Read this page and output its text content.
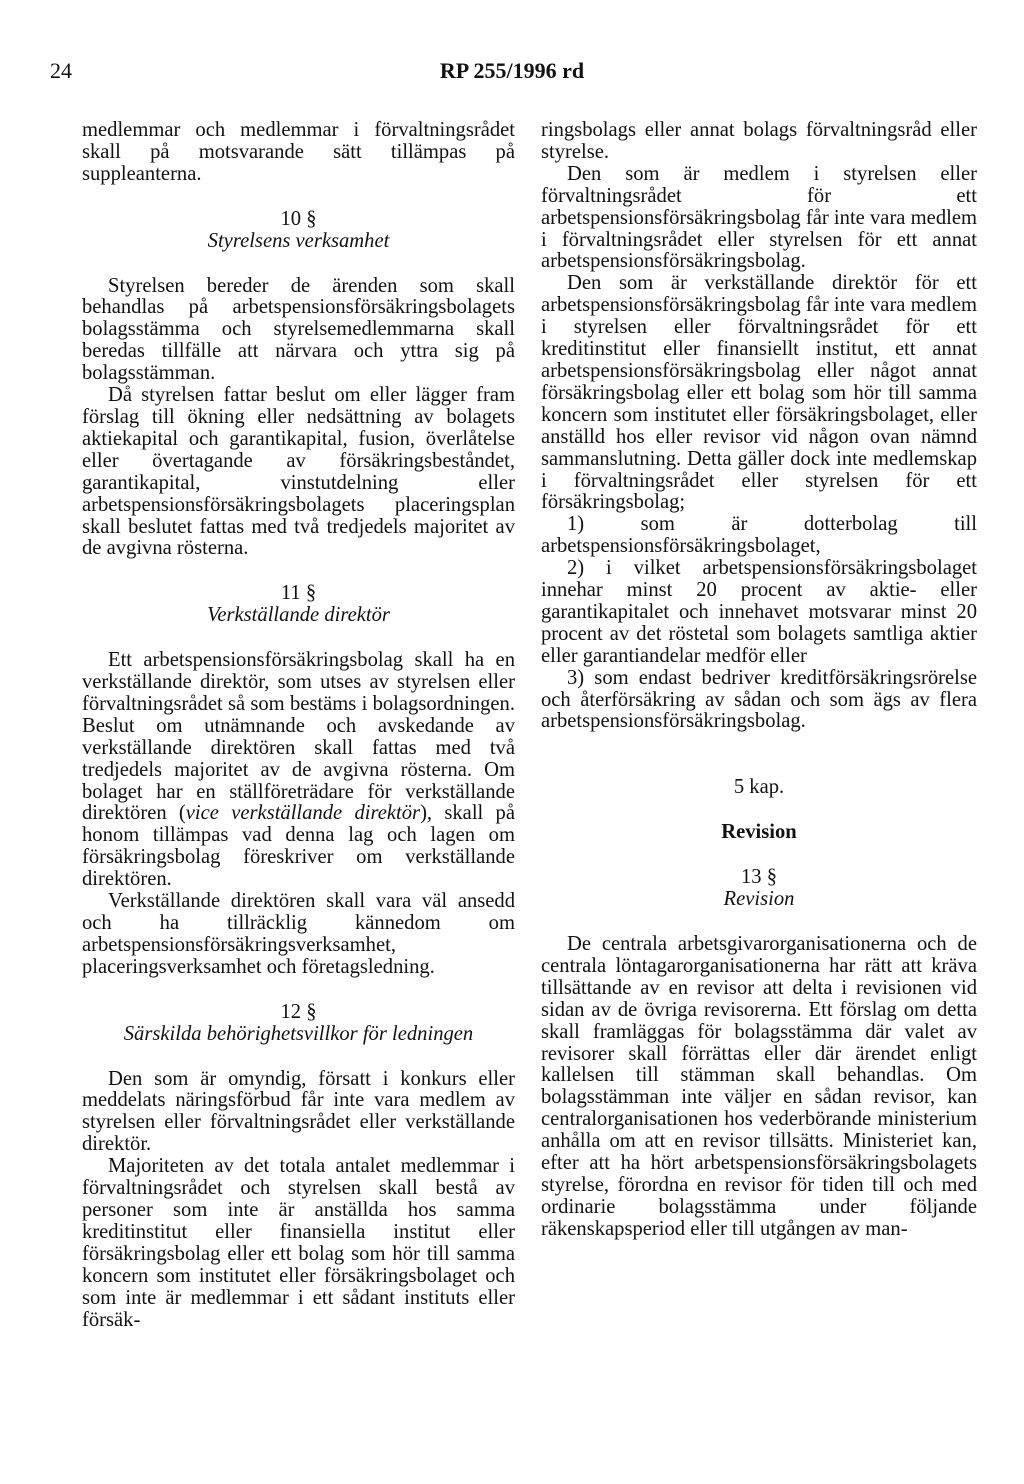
24	RP 255/1996 rd

medlemmar och medlemmar i förvaltningsrådet skall på motsvarande sätt tillämpas på suppleanterna.

10 §

Styrelsens verksamhet

Styrelsen bereder de ärenden som skall behandlas på arbetspensionsförsäkringsbolagets bolagsstämma och styrelsemedlemmarna skall beredas tillfälle att närvara och yttra sig på bolagsstämman.

Då styrelsen fattar beslut om eller lägger fram förslag till ökning eller nedsättning av bolagets aktiekapital och garantikapital, fusion, överlåtelse eller övertagande av försäkringsbeståndet, garantikapital, vinstutdelning eller arbetspensionsförsäkringsbolagets placeringsplan skall beslutet fattas med två tredjedels majoritet av de avgivna rösterna.

11 §

Verkställande direktör

Ett arbetspensionsförsäkringsbolag skall ha en verkställande direktör, som utses av styrelsen eller förvaltningsrådet så som bestäms i bolagsordningen. Beslut om utnämnande och avskedande av verkställande direktören skall fattas med två tredjedels majoritet av de avgivna rösterna. Om bolaget har en ställföreträdare för verkställande direktören (vice verkställande direktör), skall på honom tillämpas vad denna lag och lagen om försäkringsbolag föreskriver om verkställande direktören.

Verkställande direktören skall vara väl ansedd och ha tillräcklig kännedom om arbetspensionsförsäkringsverksamhet, placeringsverksamhet och företagsledning.

12 §

Särskilda behörighetsvillkor för ledningen

Den som är omyndig, försatt i konkurs eller meddelats näringsförbud får inte vara medlem av styrelsen eller förvaltningsrådet eller verkställande direktör.

Majoriteten av det totala antalet medlemmar i förvaltningsrådet och styrelsen skall bestå av personer som inte är anställda hos samma kreditinstitut eller finansiella institut eller försäkringsbolag eller ett bolag som hör till samma koncern som institutet eller försäkringsbolaget och som inte är medlemmar i ett sådant instituts eller försäk-

ringsbolags eller annat bolags förvaltningsråd eller styrelse.

Den som är medlem i styrelsen eller förvaltningsrådet för ett arbetspensionsförsäkringsbolag får inte vara medlem i förvaltningsrådet eller styrelsen för ett annat arbetspensionsförsäkringsbolag.

Den som är verkställande direktör för ett arbetspensionsförsäkringsbolag får inte vara medlem i styrelsen eller förvaltningsrådet för ett kreditinstitut eller finansiellt institut, ett annat arbetspensionsförsäkringsbolag eller något annat försäkringsbolag eller ett bolag som hör till samma koncern som institutet eller försäkringsbolaget, eller anställd hos eller revisor vid någon ovan nämnd sammanslutning. Detta gäller dock inte medlemskap i förvaltningsrådet eller styrelsen för ett försäkringsbolag;

1) som är dotterbolag till arbetspensionsförsäkringsbolaget,

2) i vilket arbetspensionsförsäkringsbolaget innehar minst 20 procent av aktie- eller garantikapitalet och innehavet motsvarar minst 20 procent av det röstetal som bolagets samtliga aktier eller garantiandelar medför eller

3) som endast bedriver kreditförsäkringsrörelse och återförsäkring av sådan och som ägs av flera arbetspensionsförsäkringsbolag.

5 kap.

Revision

13 §

Revision

De centrala arbetsgivarorganisationerna och de centrala löntagarorganisationerna har rätt att kräva tillsättande av en revisor att delta i revisionen vid sidan av de övriga revisorerna. Ett förslag om detta skall framläggas för bolagsstämma där valet av revisorer skall förrättas eller där ärendet enligt kallelsen till stämman skall behandlas. Om bolagsstämman inte väljer en sådan revisor, kan centralorganisationen hos vederbörande ministerium anhålla om att en revisor tillsätts. Ministeriet kan, efter att ha hört arbetspensionsförsäkringsbolagets styrelse, förordna en revisor för tiden till och med ordinarie bolagsstämma under följande räkenskapsperiod eller till utgången av man-
